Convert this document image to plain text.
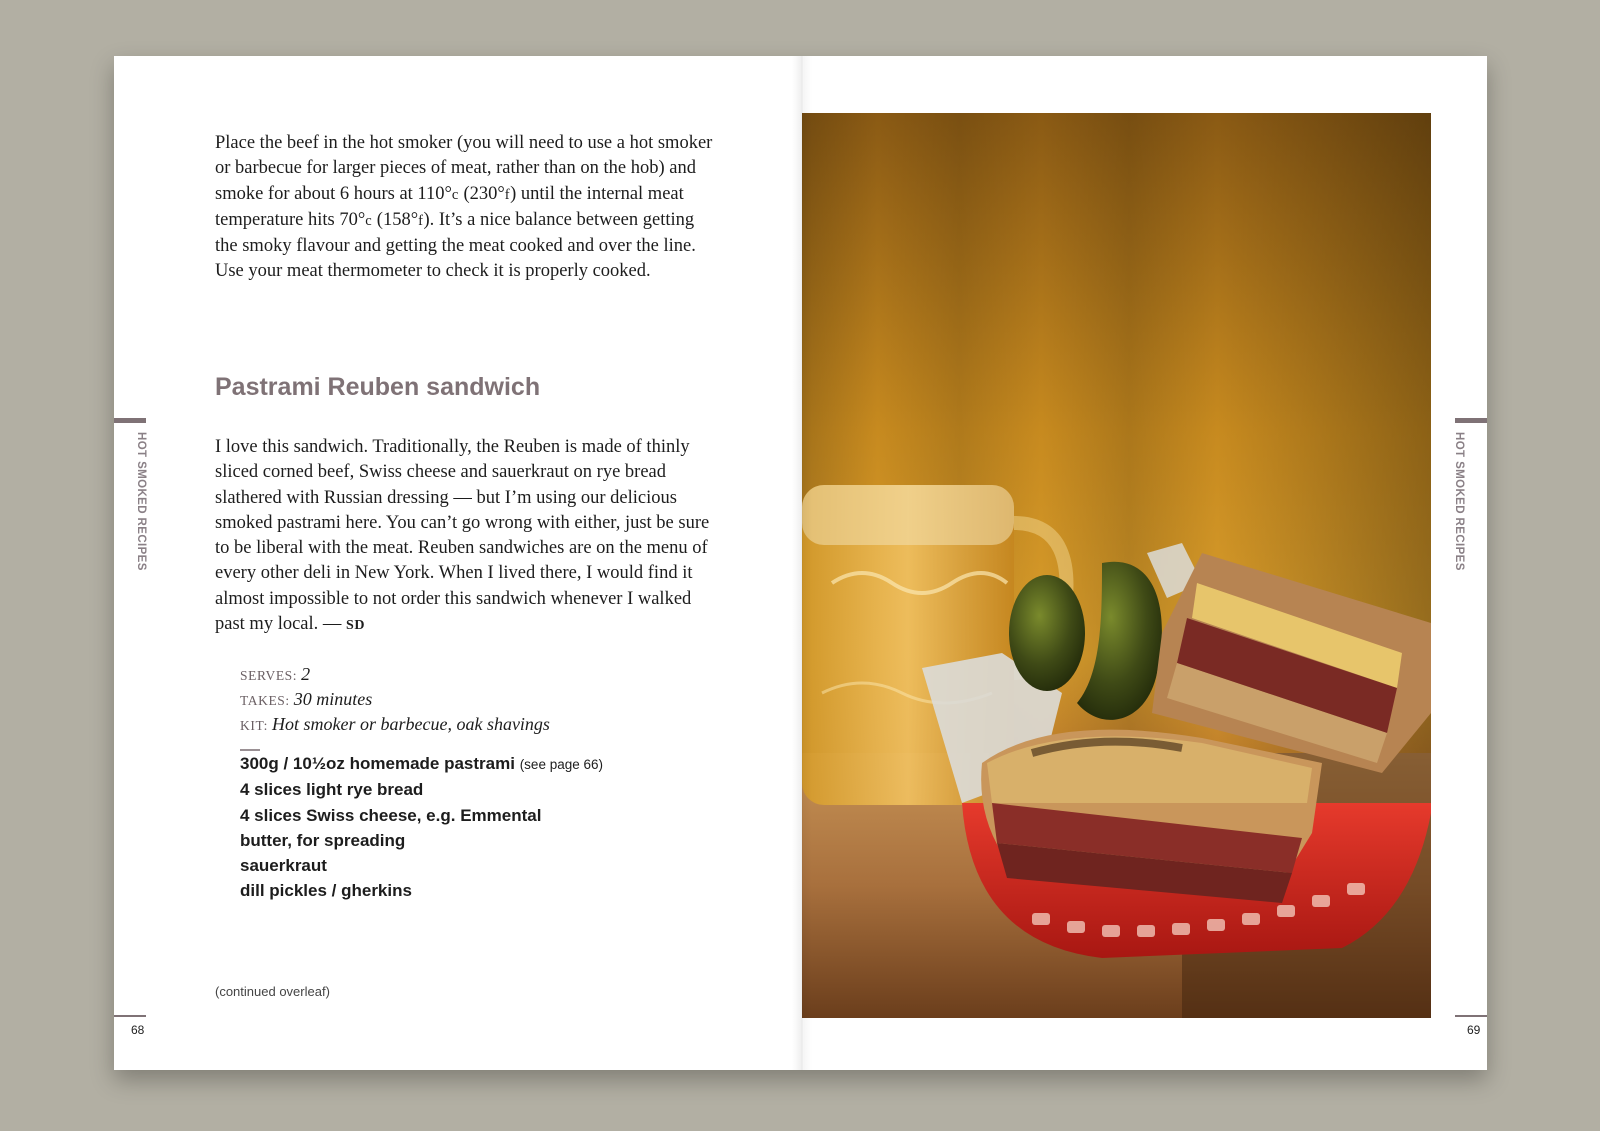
Place the beef in the hot smoker (you will need to use a hot smoker or barbecue for larger pieces of meat, rather than on the hob) and smoke for about 6 hours at 110°c (230°f) until the internal meat temperature hits 70°c (158°f). It’s a nice balance between getting the smoky flavour and getting the meat cooked and over the line. Use your meat thermometer to check it is properly cooked.

Pastrami Reuben sandwich

I love this sandwich. Traditionally, the Reuben is made of thinly sliced corned beef, Swiss cheese and sauerkraut on rye bread slathered with Russian dressing — but I’m using our delicious smoked pastrami here. You can’t go wrong with either, just be sure to be liberal with the meat. Reuben sandwiches are on the menu of every other deli in New York. When I lived there, I would find it almost impossible to not order this sandwich whenever I walked past my local. — SD

SERVES: 2
TAKES: 30 minutes
KIT: Hot smoker or barbecue, oak shavings
300g / 10½oz homemade pastrami (see page 66)
4 slices light rye bread
4 slices Swiss cheese, e.g. Emmental
butter, for spreading
sauerkraut
dill pickles / gherkins
(continued overleaf)
HOT SMOKED RECIPES
68
HOT SMOKED RECIPES
69
